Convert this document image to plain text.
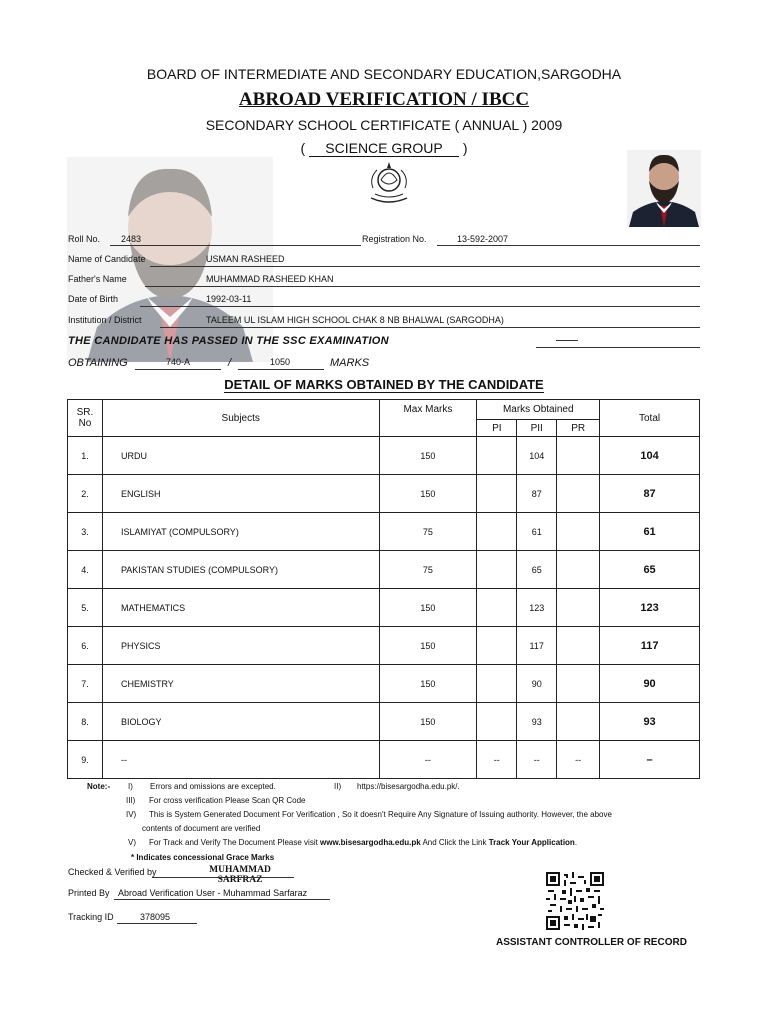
BOARD OF INTERMEDIATE AND SECONDARY EDUCATION,SARGODHA
ABROAD VERIFICATION / IBCC
SECONDARY SCHOOL CERTIFICATE ( ANNUAL ) 2009
( SCIENCE GROUP )
Roll No. 2483	Registration No.	13-592-2007
Name of Candidate	USMAN RASHEED
Father's Name	MUHAMMAD RASHEED KHAN
Date of Birth	1992-03-11
Institution / District	TALEEM UL ISLAM HIGH SCHOOL CHAK 8 NB BHALWAL (SARGODHA)
THE CANDIDATE HAS PASSED IN THE SSC EXAMINATION
OBTAINING	740-A	/	1050	MARKS
DETAIL OF MARKS OBTAINED BY THE CANDIDATE
SR.
No	Subjects	Max Marks	Marks Obtained			Total
			PI	PII	PR	
1.	URDU	150		104		104
2.	ENGLISH	150		87		87
3.	ISLAMIYAT (COMPULSORY)	75		61		61
4.	PAKISTAN STUDIES (COMPULSORY)	75		65		65
5.	MATHEMATICS	150		123		123
6.	PHYSICS	150		117		117
7.	CHEMISTRY	150		90		90
8.	BIOLOGY	150		93		93
9.	--	--	--	--	--	–
Note:- I) Errors and omissions are excepted.	II) https://bisesargodha.edu.pk/.
III) For cross verification Please Scan QR Code
IV) This is System Generated Document For Verification , So it doesn't Require Any Signature of Issuing authority. However, the above
contents of document are verified
V) For Track and Verify The Document Please visit www.bisesargodha.edu.pk And Click the Link Track Your Application.
* Indicates concessional Grace Marks
Checked & Verified by	MUHAMMAD
SARFRAZ
Printed By Abroad Verification User - Muhammad Sarfaraz
Tracking ID	378095
ASSISTANT CONTROLLER OF RECORD
